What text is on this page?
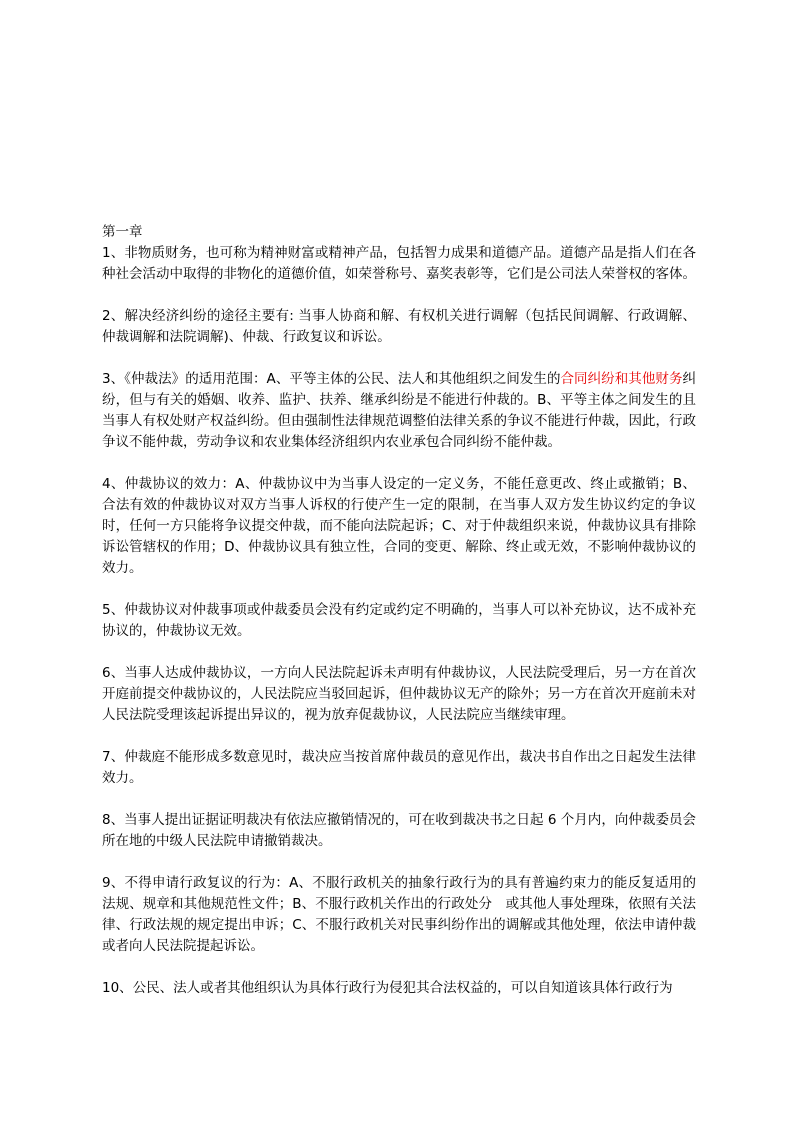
第一章

1、非物质财务，也可称为精神财富或精神产品，包括智力成果和道德产品。道德产品是指人们在各种社会活动中取得的非物化的道德价值，如荣誉称号、嘉奖表彰等，它们是公司法人荣誉权的客体。

2、解决经济纠纷的途径主要有: 当事人协商和解、有权机关进行调解（包括民间调解、行政调解、仲裁调解和法院调解)、仲裁、行政复议和诉讼。

3、《仲裁法》的适用范围：A、平等主体的公民、法人和其他组织之间发生的合同纠纷和其他财务纠纷，但与有关的婚姻、收养、监护、扶养、继承纠纷是不能进行仲裁的。B、平等主体之间发生的且当事人有权处财产权益纠纷。但由强制性法律规范调整伯法律关系的争议不能进行仲裁，因此，行政争议不能仲裁，劳动争议和农业集体经济组织内农业承包合同纠纷不能仲裁。

4、仲裁协议的效力：A、仲裁协议中为当事人设定的一定义务，不能任意更改、终止或撤销；B、合法有效的仲裁协议对双方当事人诉权的行使产生一定的限制，在当事人双方发生协议约定的争议时，任何一方只能将争议提交仲裁，而不能向法院起诉；C、对于仲裁组织来说，仲裁协议具有排除诉讼管辖权的作用；D、仲裁协议具有独立性，合同的变更、解除、终止或无效，不影响仲裁协议的效力。

5、仲裁协议对仲裁事项或仲裁委员会没有约定或约定不明确的，当事人可以补充协议，达不成补充协议的，仲裁协议无效。

6、当事人达成仲裁协议，一方向人民法院起诉未声明有仲裁协议，人民法院受理后，另一方在首次开庭前提交仲裁协议的，人民法院应当驳回起诉，但仲裁协议无产的除外；另一方在首次开庭前未对人民法院受理该起诉提出异议的，视为放弃促裁协议，人民法院应当继续审理。

7、仲裁庭不能形成多数意见时，裁决应当按首席仲裁员的意见作出，裁决书自作出之日起发生法律效力。

8、当事人提出证据证明裁决有依法应撤销情况的，可在收到裁决书之日起 6 个月内，向仲裁委员会所在地的中级人民法院申请撤销裁决。

9、不得申请行政复议的行为：A、不服行政机关的抽象行政行为的具有普遍约束力的能反复适用的法规、规章和其他规范性文件；B、不服行政机关作出的行政处分　或其他人事处理珠，依照有关法律、行政法规的规定提出申诉；C、不服行政机关对民事纠纷作出的调解或其他处理，依法申请仲裁或者向人民法院提起诉讼。

10、公民、法人或者其他组织认为具体行政行为侵犯其合法权益的，可以自知道该具体行政行为
